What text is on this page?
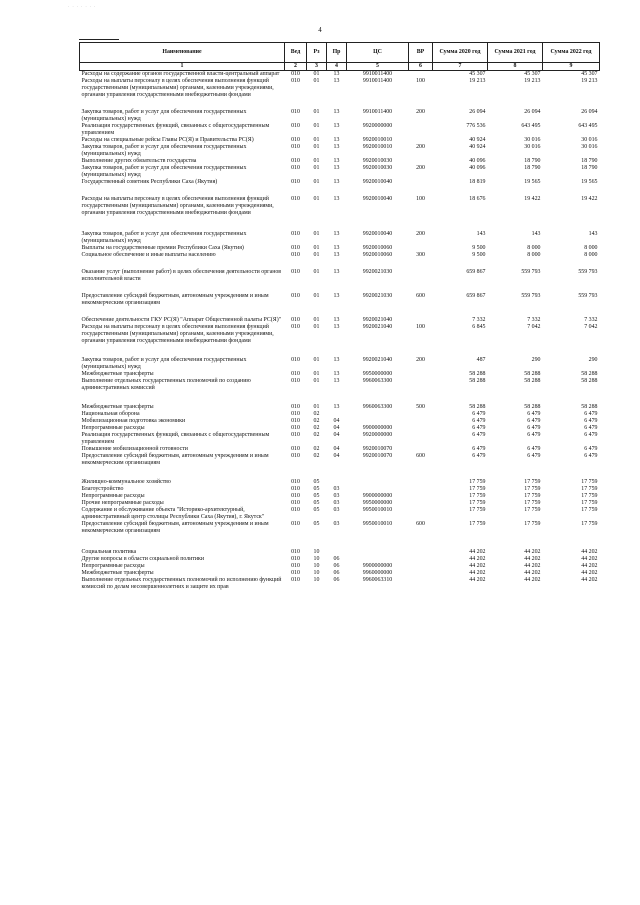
· · · · · · ·
4
Наименование	Вед	Рз	Пр	ЦС	ВР	Сумма 2020 год	Сумма 2021 год	Сумма 2022 год
1	2	3	4	5	6	7	8	9
Расходы на содержание органов государственной власти-центральный аппарат	010	01	13	9910011400		45 307	45 307	45 307
Расходы на выплаты персоналу в целях обеспечения выполнения функций государственными (муниципальными) органами, казенными учреждениями, органами управления государственными внебюджетными фондами	010	01	13	9910011400	100	19 213	19 213	19 213
Закупка товаров, работ и услуг для обеспечения государственных (муниципальных) нужд	010	01	13	9910011400	200	26 094	26 094	26 094
Реализация государственных функций, связанных с общегосударственным управлением	010	01	13	9920000000		776 536	643 495	643 495
Расходы на специальные рейсы Главы РС(Я) и Правительства РС(Я)	010	01	13	9920010010		40 924	30 016	30 016
Закупка товаров, работ и услуг для обеспечения государственных (муниципальных) нужд	010	01	13	9920010010	200	40 924	30 016	30 016
Выполнение других обязательств государства	010	01	13	9920010030		40 096	18 790	18 790
Закупка товаров, работ и услуг для обеспечения государственных (муниципальных) нужд	010	01	13	9920010030	200	40 096	18 790	18 790
Государственный советник Республики Саха (Якутия)	010	01	13	9920010040		18 819	19 565	19 565
Расходы на выплаты персоналу в целях обеспечения выполнения функций государственными (муниципальными) органами, казенными учреждениями, органами управления государственными внебюджетными фондами	010	01	13	9920010040	100	18 676	19 422	19 422
Закупка товаров, работ и услуг для обеспечения государственных (муниципальных) нужд	010	01	13	9920010040	200	143	143	143
Выплаты на государственные премии Республики Саха (Якутия)	010	01	13	9920010060		9 500	8 000	8 000
Социальное обеспечение и иные выплаты населению	010	01	13	9920010060	300	9 500	8 000	8 000
Оказание услуг (выполнение работ) в целях обеспечения деятельности органов исполнительной власти	010	01	13	9920021030		659 867	559 793	559 793
Предоставление субсидий бюджетным, автономным учреждениям и иным некоммерческим организациям	010	01	13	9920021030	600	659 867	559 793	559 793
Обеспечение деятельности ГКУ РС(Я) "Аппарат Общественной палаты РС(Я)"	010	01	13	9920021040		7 332	7 332	7 332
Расходы на выплаты персоналу в целях обеспечения выполнения функций государственными (муниципальными) органами, казенными учреждениями, органами управления государственными внебюджетными фондами	010	01	13	9920021040	100	6 845	7 042	7 042
Закупка товаров, работ и услуг для обеспечения государственных (муниципальных) нужд	010	01	13	9920021040	200	487	290	290
Межбюджетные трансферты	010	01	13	9950000000		58 288	58 288	58 288
Выполнение отдельных государственных полномочий по созданию административных комиссий	010	01	13	9960063300		58 288	58 288	58 288
Межбюджетные трансферты	010	01	13	9960063300	500	58 288	58 288	58 288
Национальная оборона	010	02				6 479	6 479	6 479
Мобилизационная подготовка экономики	010	02	04			6 479	6 479	6 479
Непрограммные расходы	010	02	04	9900000000		6 479	6 479	6 479
Реализация государственных функций, связанных с общегосударственным управлением	010	02	04	9920000000		6 479	6 479	6 479
Повышение мобилизационной готовности	010	02	04	9920010070		6 479	6 479	6 479
Предоставление субсидий бюджетным, автономным учреждениям и иным некоммерческим организациям	010	02	04	9920010070	600	6 479	6 479	6 479
Жилищно-коммунальное хозяйство	010	05				17 759	17 759	17 759
Благоустройство	010	05	03			17 759	17 759	17 759
Непрограммные расходы	010	05	03	9900000000		17 759	17 759	17 759
Прочие непрограммные расходы	010	05	03	9950000000		17 759	17 759	17 759
Содержание и обслуживание объекта "Историко-архитектурный, административный центр столицы Республики Саха (Якутия), г. Якутск"	010	05	03	9950010010		17 759	17 759	17 759
Предоставление субсидий бюджетным, автономным учреждениям и иным некоммерческим организациям	010	05	03	9950010010	600	17 759	17 759	17 759
Социальная политика	010	10				44 202	44 202	44 202
Другие вопросы в области социальной политики	010	10	06			44 202	44 202	44 202
Непрограммные расходы	010	10	06	9900000000		44 202	44 202	44 202
Межбюджетные трансферты	010	10	06	9960000000		44 202	44 202	44 202
Выполнение отдельных государственных полномочий по исполнению функций комиссий по делам несовершеннолетних и защите их прав	010	10	06	9960063310		44 202	44 202	44 202
